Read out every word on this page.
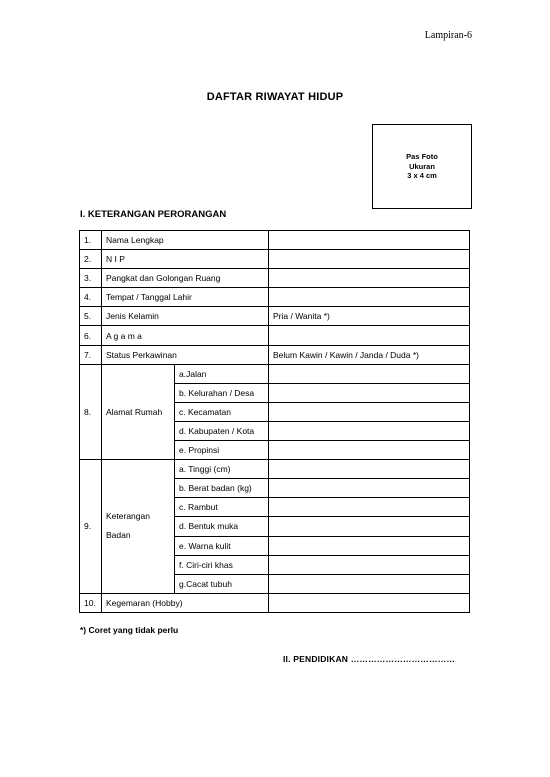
Lampiran-6
DAFTAR RIWAYAT HIDUP
Pas Foto
Ukuran
3 x 4 cm
I. KETERANGAN PERORANGAN
1.	Nama Lengkap		
2.	N I P		
3.	Pangkat dan Golongan Ruang		
4.	Tempat / Tanggal Lahir		
5.	Jenis Kelamin		Pria / Wanita *)
6.	A g a m a		
7.	Status Perkawinan		Belum Kawin / Kawin / Janda / Duda *)
8.	Alamat Rumah	a.Jalan	
		b. Kelurahan / Desa	
		c. Kecamatan	
		d. Kabupaten / Kota	
		e. Propinsi	
9.	Keterangan
Badan	a. Tinggi (cm)	
		b. Berat badan (kg)	
		c. Rambut	
		d. Bentuk muka	
		e. Warna kulit	
		f. Ciri-ciri khas	
		g.Cacat tubuh	
10.	Kegemaran (Hobby)		
*) Coret yang tidak perlu
II. PENDIDIKAN ………………………………
